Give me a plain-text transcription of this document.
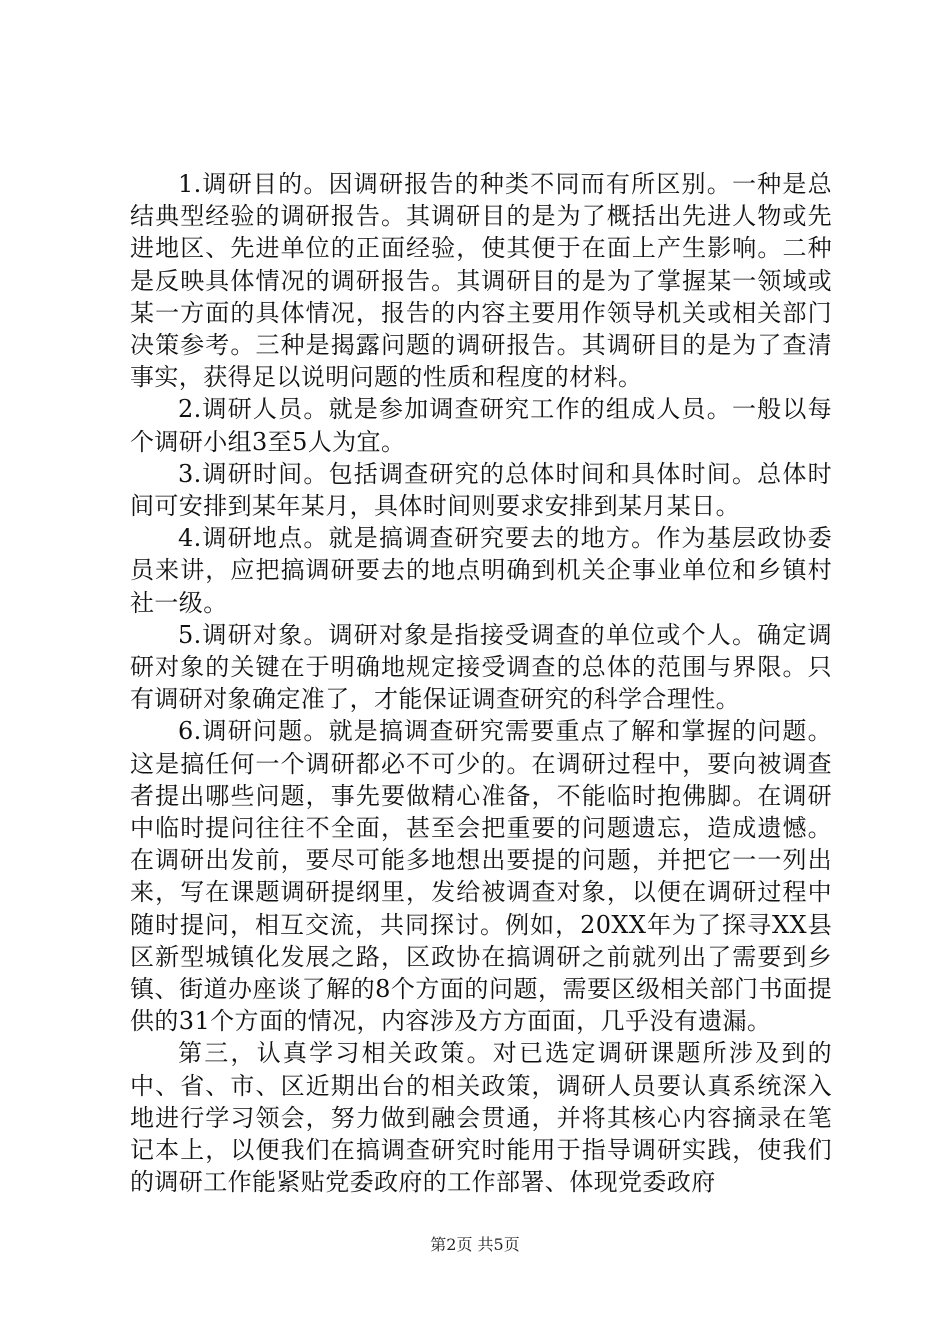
1.调研目的。因调研报告的种类不同而有所区别。一种是总结典型经验的调研报告。其调研目的是为了概括出先进人物或先进地区、先进单位的正面经验，使其便于在面上产生影响。二种是反映具体情况的调研报告。其调研目的是为了掌握某一领域或某一方面的具体情况，报告的内容主要用作领导机关或相关部门决策参考。三种是揭露问题的调研报告。其调研目的是为了查清事实，获得足以说明问题的性质和程度的材料。

2.调研人员。就是参加调查研究工作的组成人员。一般以每个调研小组3至5人为宜。

3.调研时间。包括调查研究的总体时间和具体时间。总体时间可安排到某年某月，具体时间则要求安排到某月某日。

4.调研地点。就是搞调查研究要去的地方。作为基层政协委员来讲，应把搞调研要去的地点明确到机关企事业单位和乡镇村社一级。

5.调研对象。调研对象是指接受调查的单位或个人。确定调研对象的关键在于明确地规定接受调查的总体的范围与界限。只有调研对象确定准了，才能保证调查研究的科学合理性。

6.调研问题。就是搞调查研究需要重点了解和掌握的问题。这是搞任何一个调研都必不可少的。在调研过程中，要向被调查者提出哪些问题，事先要做精心准备，不能临时抱佛脚。在调研中临时提问往往不全面，甚至会把重要的问题遗忘，造成遗憾。在调研出发前，要尽可能多地想出要提的问题，并把它一一列出来，写在课题调研提纲里，发给被调查对象，以便在调研过程中随时提问，相互交流，共同探讨。例如，20XX年为了探寻XX县区新型城镇化发展之路，区政协在搞调研之前就列出了需要到乡镇、街道办座谈了解的8个方面的问题，需要区级相关部门书面提供的31个方面的情况，内容涉及方方面面，几乎没有遗漏。

第三，认真学习相关政策。对已选定调研课题所涉及到的中、省、市、区近期出台的相关政策，调研人员要认真系统深入地进行学习领会，努力做到融会贯通，并将其核心内容摘录在笔记本上，以便我们在搞调查研究时能用于指导调研实践，使我们的调研工作能紧贴党委政府的工作部署、体现党委政府

第2页 共5页
